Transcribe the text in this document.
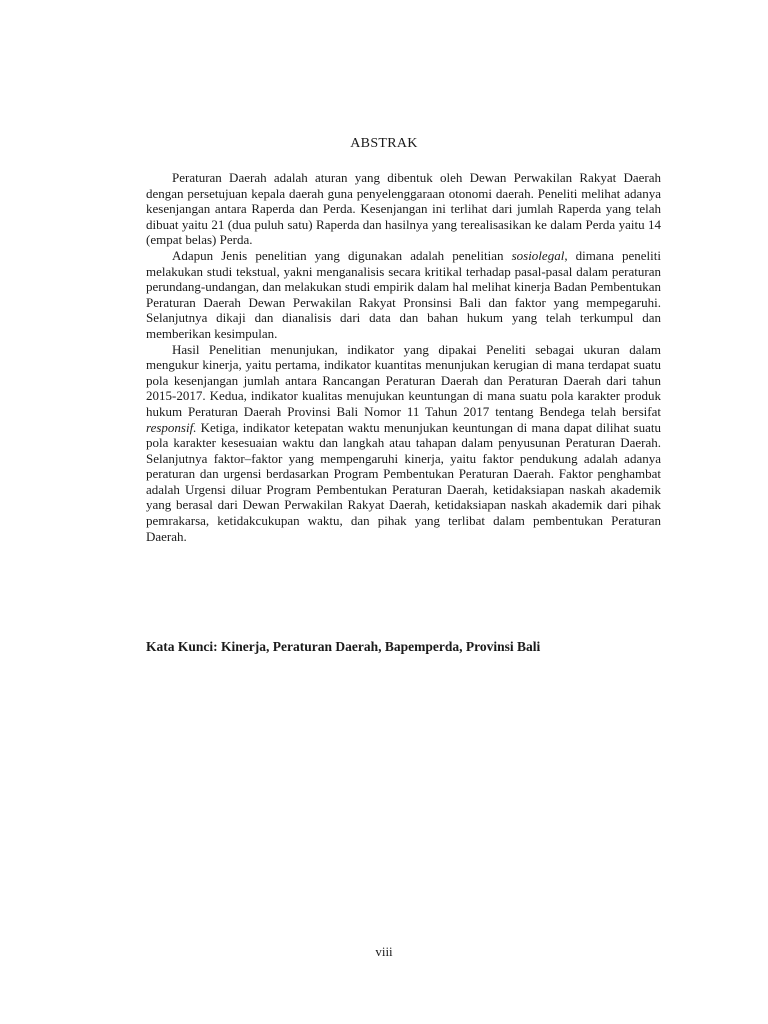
ABSTRAK

Peraturan Daerah adalah aturan yang dibentuk oleh Dewan Perwakilan Rakyat Daerah dengan persetujuan kepala daerah guna penyelenggaraan otonomi daerah. Peneliti melihat adanya kesenjangan antara Raperda dan Perda. Kesenjangan ini terlihat dari jumlah Raperda yang telah dibuat yaitu 21 (dua puluh satu) Raperda dan hasilnya yang terealisasikan ke dalam Perda yaitu 14 (empat belas) Perda.

Adapun Jenis penelitian yang digunakan adalah penelitian sosiolegal, dimana peneliti melakukan studi tekstual, yakni menganalisis secara kritikal terhadap pasal-pasal dalam peraturan perundang-undangan, dan melakukan studi empirik dalam hal melihat kinerja Badan Pembentukan Peraturan Daerah Dewan Perwakilan Rakyat Pronsinsi Bali dan faktor yang mempegaruhi. Selanjutnya dikaji dan dianalisis dari data dan bahan hukum yang telah terkumpul dan memberikan kesimpulan.

Hasil Penelitian menunjukan, indikator yang dipakai Peneliti sebagai ukuran dalam mengukur kinerja, yaitu pertama, indikator kuantitas menunjukan kerugian di mana terdapat suatu pola kesenjangan jumlah antara Rancangan Peraturan Daerah dan Peraturan Daerah dari tahun 2015-2017. Kedua, indikator kualitas menujukan keuntungan di mana suatu pola karakter produk hukum Peraturan Daerah Provinsi Bali Nomor 11 Tahun 2017 tentang Bendega telah bersifat responsif. Ketiga, indikator ketepatan waktu menunjukan keuntungan di mana dapat dilihat suatu pola karakter kesesuaian waktu dan langkah atau tahapan dalam penyusunan Peraturan Daerah. Selanjutnya faktor–faktor yang mempengaruhi kinerja, yaitu faktor pendukung adalah adanya peraturan dan urgensi berdasarkan Program Pembentukan Peraturan Daerah. Faktor penghambat adalah Urgensi diluar Program Pembentukan Peraturan Daerah, ketidaksiapan naskah akademik yang berasal dari Dewan Perwakilan Rakyat Daerah, ketidaksiapan naskah akademik dari pihak pemrakarsa, ketidakcukupan waktu, dan pihak yang terlibat dalam pembentukan Peraturan Daerah.

Kata Kunci: Kinerja, Peraturan Daerah, Bapemperda, Provinsi Bali
viii
